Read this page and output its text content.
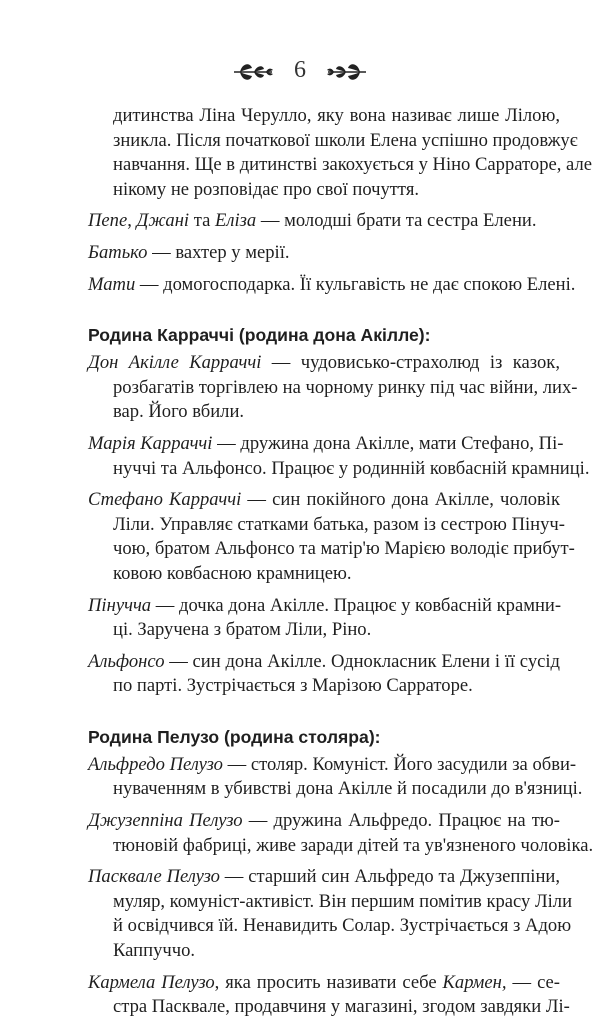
6
дитинства Ліна Черулло, яку вона називає лише Лілою,
зникла. Після початкової школи Елена успішно продовжує
навчання. Ще в дитинстві закохується у Ніно Сарраторе, але
нікому не розповідає про свої почуття.
Пепе, Джані та Еліза — молодші брати та сестра Елени.
Батько — вахтер у мерії.
Мати — домогосподарка. Її кульгавість не дає спокою Елені.
Родина Карраччі (родина дона Акілле):
Дон Акілле Карраччі — чудовисько-страхолюд із казок,
розбагатів торгівлею на чорному ринку під час війни, лих-
вар. Його вбили.
Марія Карраччі — дружина дона Акілле, мати Стефано, Пі-
нуччі та Альфонсо. Працює у родинній ковбасній крамниці.
Стефано Карраччі — син покійного дона Акілле, чоловік
Ліли. Управляє статками батька, разом із сестрою Пінуч-
чою, братом Альфонсо та матір'ю Марією володіє прибут-
ковою ковбасною крамницею.
Пінучча — дочка дона Акілле. Працює у ковбасній крамни-
ці. Заручена з братом Ліли, Ріно.
Альфонсо — син дона Акілле. Однокласник Елени і її сусід
по парті. Зустрічається з Марізою Сарраторе.
Родина Пелузо (родина столяра):
Альфредо Пелузо — столяр. Комуніст. Його засудили за обви-
нуваченням в убивстві дона Акілле й посадили до в'язниці.
Джузеппіна Пелузо — дружина Альфредо. Працює на тю-
тюновій фабриці, живе заради дітей та ув'язненого чоловіка.
Пасквале Пелузо — старший син Альфредо та Джузеппіни,
муляр, комуніст-активіст. Він першим помітив красу Ліли
й освідчився їй. Ненавидить Солар. Зустрічається з Адою
Каппуччо.
Кармела Пелузо, яка просить називати себе Кармен, — се-
стра Пасквале, продавчиня у магазині, згодом завдяки Лі-
